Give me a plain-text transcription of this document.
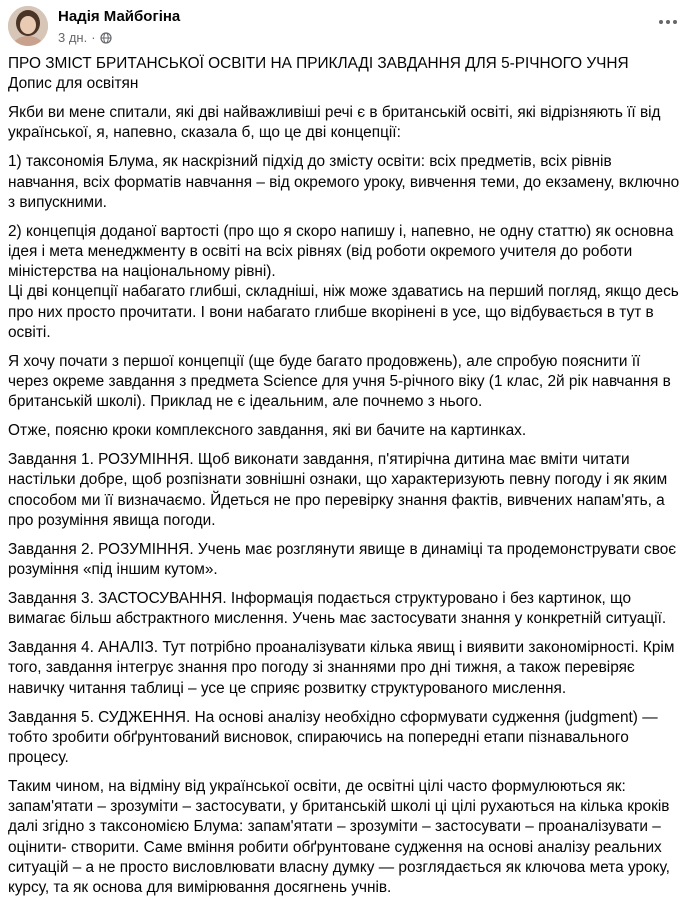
Надія Майбогіна
3 дн. ·

ПРО ЗМІСТ БРИТАНСЬКОЇ ОСВІТИ НА ПРИКЛАДІ ЗАВДАННЯ ДЛЯ 5-РІЧНОГО УЧНЯ

Допис для освітян

Якби ви мене спитали, які дві найважливіші речі є в британській освіті, які відрізняють її від української, я, напевно, сказала б, що це дві концепції:

1) таксономія Блума, як наскрізний підхід до змісту освіти: всіх предметів, всіх рівнів навчання, всіх форматів навчання – від окремого уроку, вивчення теми, до екзамену, включно з випускними.

2) концепція доданої вартості (про що я скоро напишу і, напевно, не одну статтю) як основна ідея і мета менеджменту в освіті на всіх рівнях (від роботи окремого учителя до роботи міністерства на національному рівні).

Ці дві концепції набагато глибші, складніші, ніж може здаватись на перший погляд, якщо десь про них просто прочитати. І вони набагато глибше вкорінені в усе, що відбувається в тут в освіті.

Я хочу почати з першої концепції (ще буде багато продовжень), але спробую пояснити її через окреме завдання з предмета Science для учня 5-річного віку (1 клас, 2й рік навчання в британській школі). Приклад не є ідеальним, але почнемо з нього.

Отже, поясню кроки комплексного завдання, які ви бачите на картинках.

Завдання 1. РОЗУМІННЯ. Щоб виконати завдання, п'ятирічна дитина має вміти читати настільки добре, щоб розпізнати зовнішні ознаки, що характеризують певну погоду і як яким способом ми її визначаємо. Йдеться не про перевірку знання фактів, вивчених напам'ять, а про розуміння явища погоди.

Завдання 2. РОЗУМІННЯ. Учень має розглянути явище в динаміці та продемонструвати своє розуміння «під іншим кутом».

Завдання 3. ЗАСТОСУВАННЯ. Інформація подається структуровано і без картинок, що вимагає більш абстрактного мислення. Учень має застосувати знання у конкретній ситуації.

Завдання 4. АНАЛІЗ. Тут потрібно проаналізувати кілька явищ і виявити закономірності. Крім того, завдання інтегрує знання про погоду зі знаннями про дні тижня, а також перевіряє навичку читання таблиці – усе це сприяє розвитку структурованого мислення.

Завдання 5. СУДЖЕННЯ. На основі аналізу необхідно сформувати судження (judgment) — тобто зробити обґрунтований висновок, спираючись на попередні етапи пізнавального процесу.

Таким чином, на відміну від української освіти, де освітні цілі часто формулюються як: запам'ятати – зрозуміти – застосувати, у британській школі ці цілі рухаються на кілька кроків далі згідно з таксономією Блума: запам'ятати – зрозуміти – застосувати – проаналізувати – оцінити- створити. Саме вміння робити обґрунтоване судження на основі аналізу реальних ситуацій – а не просто висловлювати власну думку — розглядається як ключова мета уроку, курсу, та як основа для вимірювання досягнень учнів.
